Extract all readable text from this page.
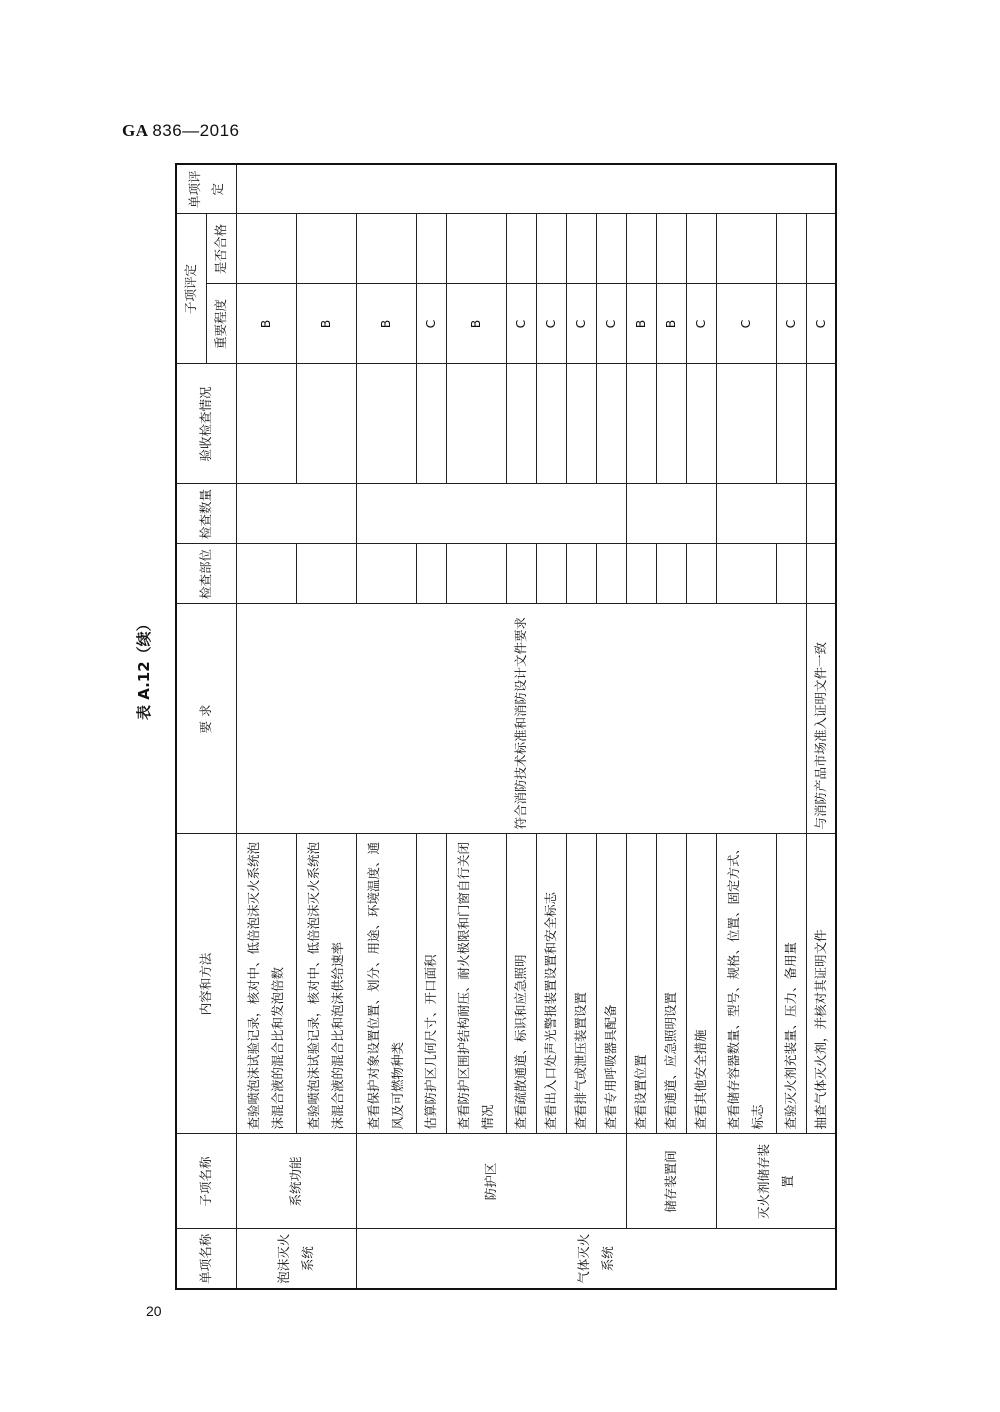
GA 836—2016
表 A.12（续）
单项名称	子项名称	内容和方法	要 求	检查部位	检查数量	验收检查情况	子项评定		单项评定
							重要程度	是否合格	
泡沫灭火系统	系统功能	查验喷泡沫试验记录，核对中、低倍泡沫灭火系统泡沫混合液的混合比和发泡倍数	符合消防技术标准和消防设计文件要求				B		
		查验喷泡沫试验记录，核对中、低倍泡沫灭火系统泡沫混合液的混合比和泡沫供给速率					B		
气体灭火系统	防护区	查看保护对象设置位置、划分、用途、环境温度、通风及可燃物种类					B		
		估算防护区几何尺寸、开口面积					C		
		查看防护区围护结构耐压、耐火极限和门窗自行关闭情况					B		
		查看疏散通道、标识和应急照明					C		
		查看出入口处声光警报装置设置和安全标志					C		
		查看排气或泄压装置设置					C		
		查看专用呼吸器具配备					C		
	储存装置间	查看设置位置					B		
		查看通道、应急照明设置					B		
		查看其他安全措施					C		
	灭火剂储存装置	查看储存容器数量、型号、规格、位置、固定方式、标志					C		
		查验灭火剂充装量、压力、备用量					C		
		抽查气体灭火剂，并核对其证明文件	与消防产品市场准入证明文件一致				C		
20
